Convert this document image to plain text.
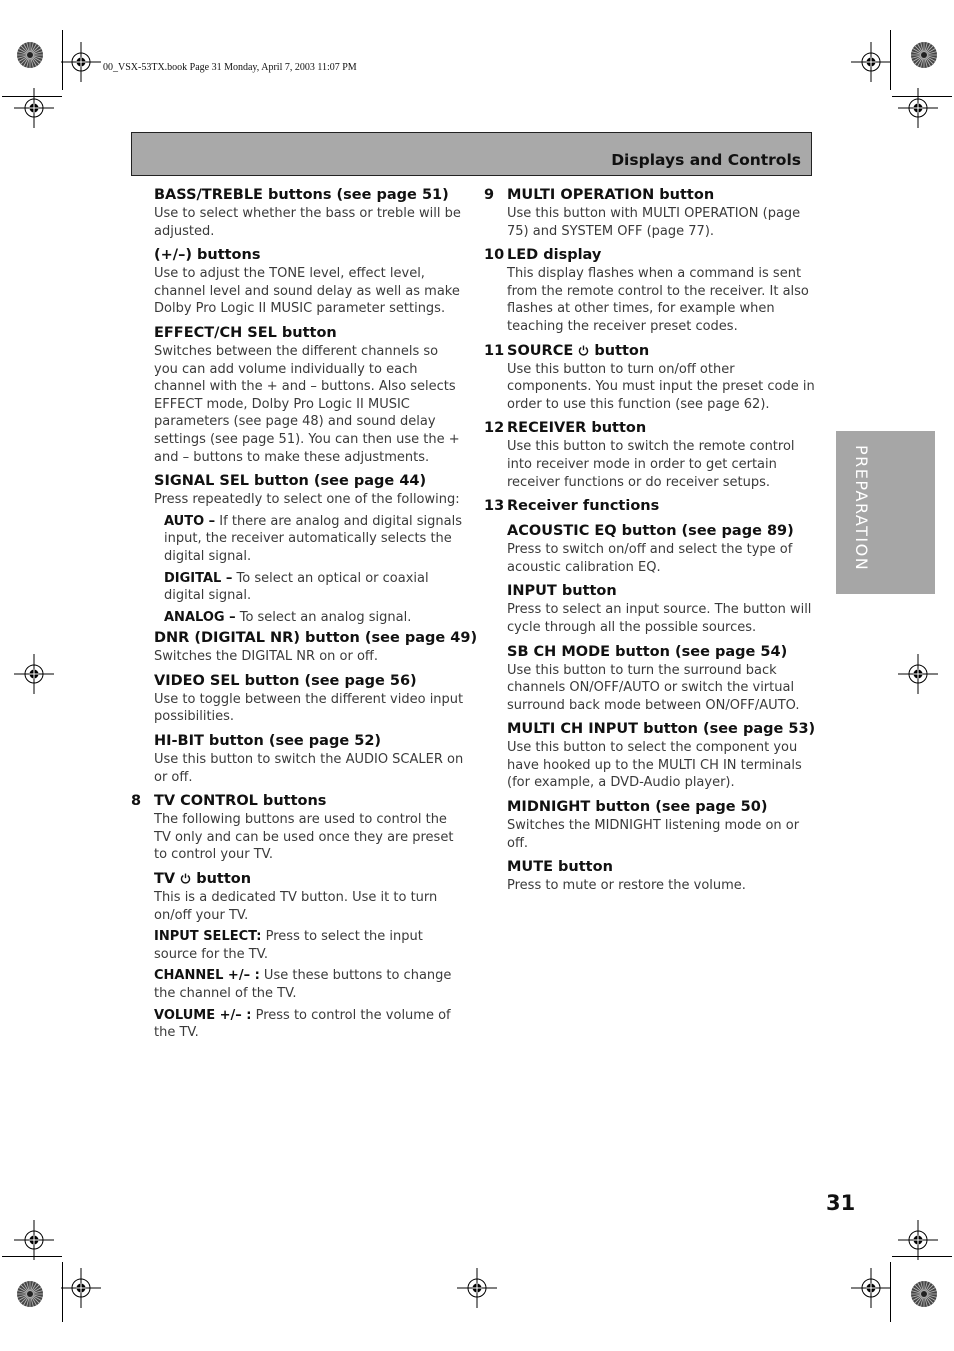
00_VSX-53TX.book Page 31 Monday, April 7, 2003 11:07 PM
Displays and Controls
PREPARATION
31
BASS/TREBLE buttons (see page 51)

Use to select whether the bass or treble will be adjusted.

(+/–) buttons

Use to adjust the TONE level, effect level, channel level and sound delay as well as make Dolby Pro Logic II MUSIC parameter settings.

EFFECT/CH SEL button

Switches between the different channels so you can add volume individually to each channel with the + and – buttons. Also selects EFFECT mode, Dolby Pro Logic II MUSIC parameters (see page 48) and sound delay settings (see page 51). You can then use the + and – buttons to make these adjustments.

SIGNAL SEL button (see page 44)

Press repeatedly to select one of the following:

AUTO – If there are analog and digital signals input, the receiver automatically selects the digital signal.

DIGITAL – To select an optical or coaxial digital signal.

ANALOG – To select an analog signal.

DNR (DIGITAL NR) button (see page 49)

Switches the DIGITAL NR on or off.

VIDEO SEL button (see page 56)

Use to toggle between the different video input possibilities.

HI-BIT button (see page 52)

Use this button to switch the AUDIO SCALER on or off.

8 TV CONTROL buttons

The following buttons are used to control the TV only and can be used once they are preset to control your TV.

TV  button

This is a dedicated TV button. Use it to turn on/off your TV.

INPUT SELECT: Press to select the input source for the TV.

CHANNEL +/– : Use these buttons to change the channel of the TV.

VOLUME +/– : Press to control the volume of the TV.

9 MULTI OPERATION button

Use this button with MULTI OPERATION (page 75) and SYSTEM OFF (page 77).

10 LED display

This display flashes when a command is sent from the remote control to the receiver. It also flashes at other times, for example when teaching the receiver preset codes.

11 SOURCE  button

Use this button to turn on/off other components. You must input the preset code in order to use this function (see page 62).

12 RECEIVER button

Use this button to switch the remote control into receiver mode in order to get certain receiver functions or do receiver setups.

13 Receiver functions
ACOUSTIC EQ button (see page 89)

Press to switch on/off and select the type of acoustic calibration EQ.

INPUT button

Press to select an input source. The button will cycle through all the possible sources.

SB CH MODE button (see page 54)

Use this button to turn the surround back channels ON/OFF/AUTO or switch the virtual surround back mode between ON/OFF/AUTO.

MULTI CH INPUT button (see page 53)

Use this button to select the component you have hooked up to the MULTI CH IN terminals (for example, a DVD-Audio player).

MIDNIGHT button (see page 50)

Switches the MIDNIGHT listening mode on or off.

MUTE button

Press to mute or restore the volume.
